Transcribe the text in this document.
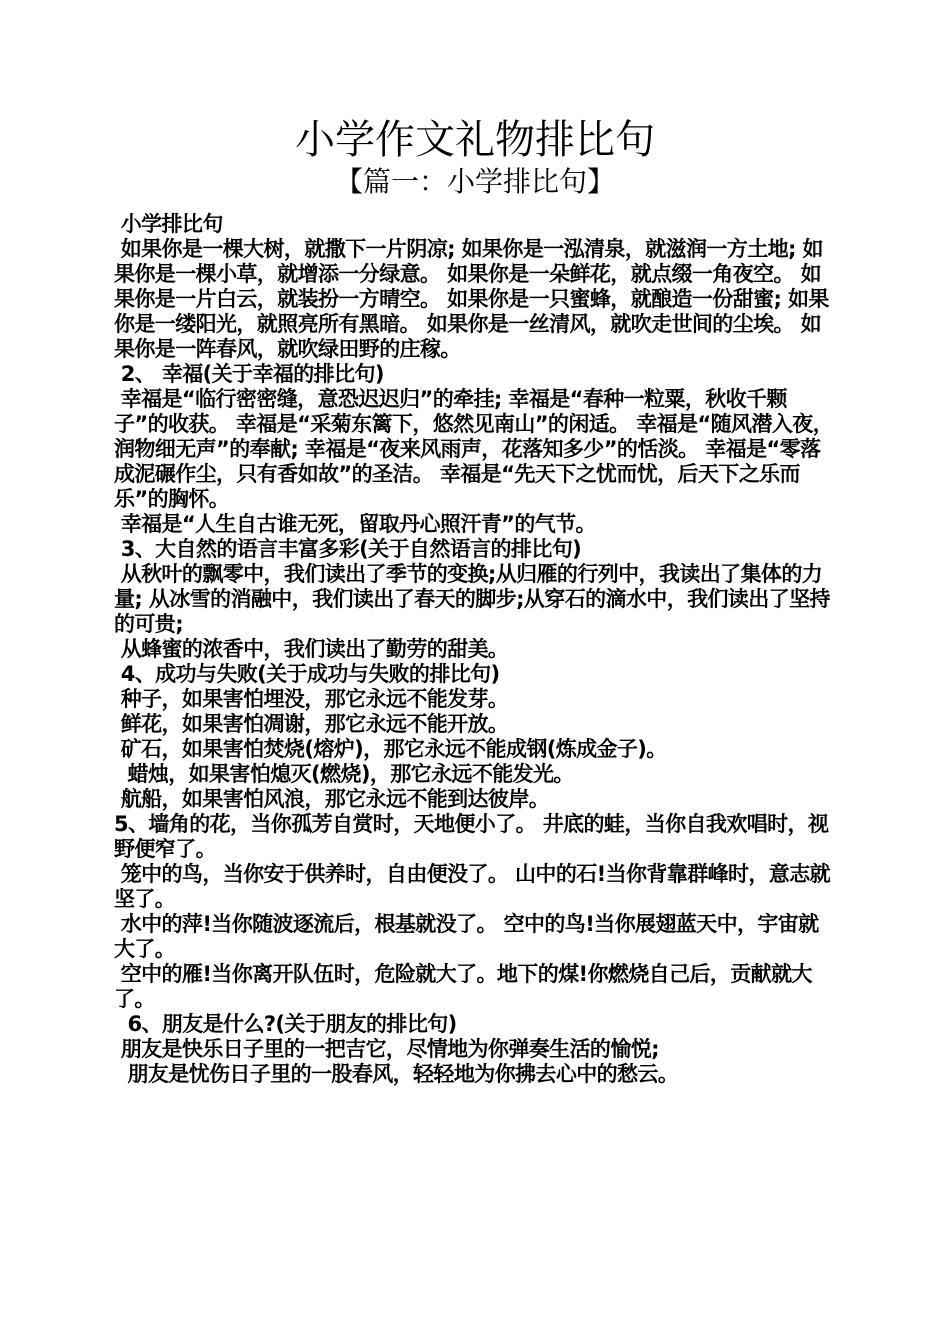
小学作文礼物排比句
【篇一：小学排比句】

小学排比句

如果你是一棵大树，就撒下一片阴凉; 如果你是一泓清泉，就滋润一方土地; 如果你是一棵小草，就增添一分绿意。 如果你是一朵鲜花，就点缀一角夜空。 如果你是一片白云，就装扮一方晴空。 如果你是一只蜜蜂，就酿造一份甜蜜; 如果你是一缕阳光，就照亮所有黑暗。 如果你是一丝清风，就吹走世间的尘埃。 如果你是一阵春风，就吹绿田野的庄稼。

2、 幸福(关于幸福的排比句)

幸福是“临行密密缝，意恐迟迟归”的牵挂; 幸福是“春种一粒粟，秋收千颗子”的收获。 幸福是“采菊东篱下，悠然见南山”的闲适。 幸福是“随风潜入夜，润物细无声”的奉献; 幸福是“夜来风雨声，花落知多少”的恬淡。 幸福是“零落成泥碾作尘，只有香如故”的圣洁。 幸福是“先天下之忧而忧，后天下之乐而乐”的胸怀。

幸福是“人生自古谁无死，留取丹心照汗青”的气节。

3、大自然的语言丰富多彩(关于自然语言的排比句)

从秋叶的飘零中，我们读出了季节的变换;从归雁的行列中，我读出了集体的力量; 从冰雪的消融中，我们读出了春天的脚步;从穿石的滴水中，我们读出了坚持的可贵;

从蜂蜜的浓香中，我们读出了勤劳的甜美。

4、成功与失败(关于成功与失败的排比句)

种子，如果害怕埋没，那它永远不能发芽。

鲜花，如果害怕凋谢，那它永远不能开放。

矿石，如果害怕焚烧(熔炉)，那它永远不能成钢(炼成金子)。

蜡烛，如果害怕熄灭(燃烧)，那它永远不能发光。

航船，如果害怕风浪，那它永远不能到达彼岸。

5、墙角的花，当你孤芳自赏时，天地便小了。 井底的蛙，当你自我欢唱时，视野便窄了。

笼中的鸟，当你安于供养时，自由便没了。 山中的石!当你背靠群峰时，意志就坚了。

水中的萍!当你随波逐流后，根基就没了。 空中的鸟!当你展翅蓝天中，宇宙就大了。

空中的雁!当你离开队伍时，危险就大了。地下的煤!你燃烧自己后，贡献就大了。

6、朋友是什么?(关于朋友的排比句)

朋友是快乐日子里的一把吉它，尽情地为你弹奏生活的愉悦;

朋友是忧伤日子里的一股春风，轻轻地为你拂去心中的愁云。
